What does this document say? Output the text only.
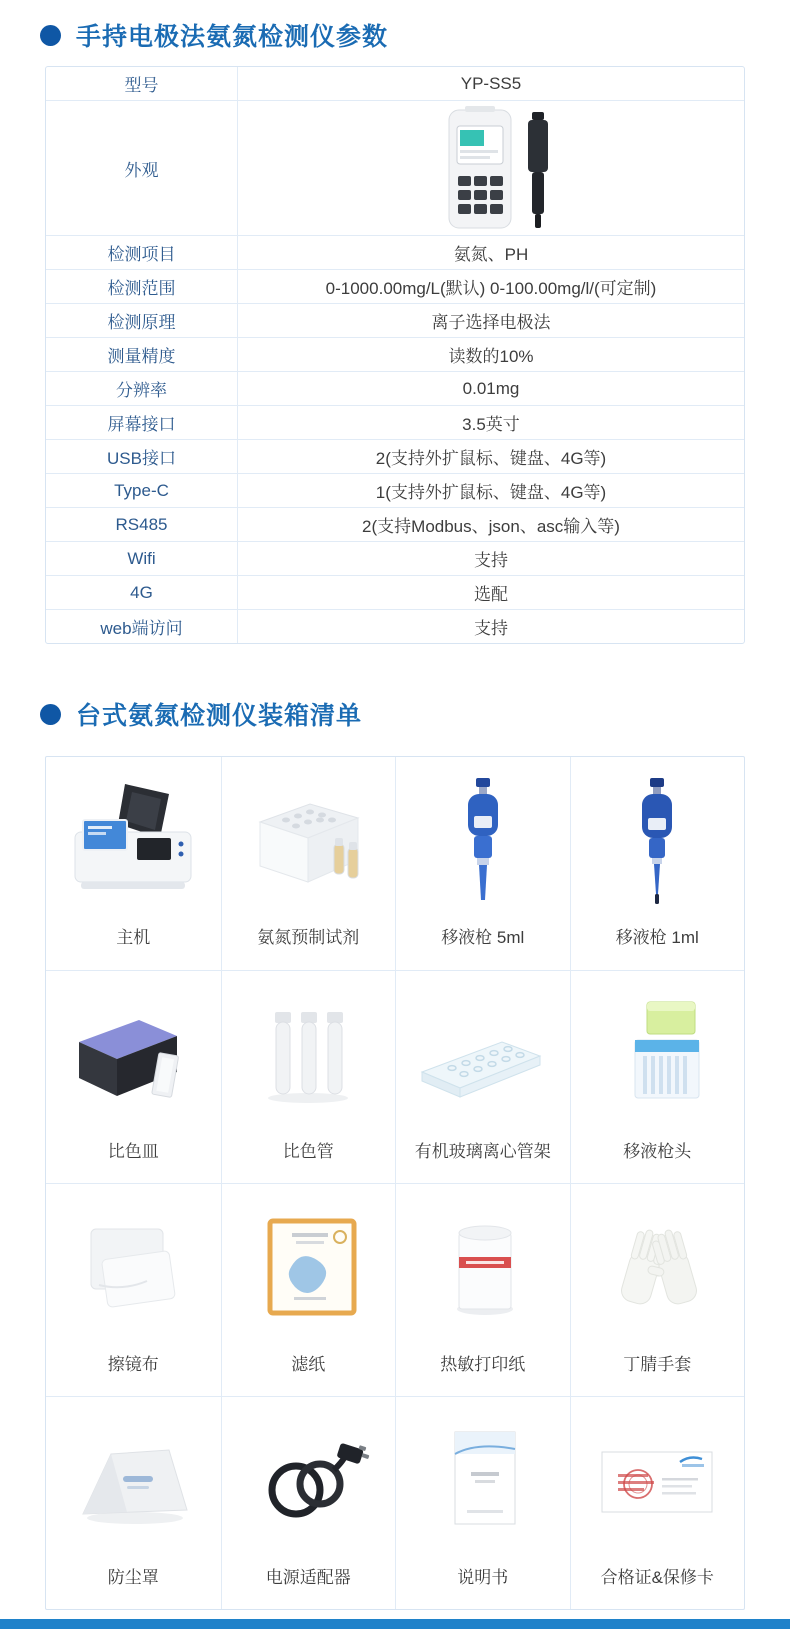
手持电极法氨氮检测仪参数
型号	YP-SS5
外观
检测项目	氨氮、PH
检测范围	0-1000.00mg/L(默认) 0-100.00mg/l/(可定制)
检测原理	离子选择电极法
测量精度	读数的10%
分辨率	0.01mg
屏幕接口	3.5英寸
USB接口	2(支持外扩鼠标、键盘、4G等)
Type-C	1(支持外扩鼠标、键盘、4G等)
RS485	2(支持Modbus、json、asc输入等)
Wifi	支持
4G	选配
web端访问	支持
台式氨氮检测仪装箱清单
主机	氨氮预制试剂	移液枪 5ml	移液枪 1ml
比色皿	比色管	有机玻璃离心管架	移液枪头
擦镜布	滤纸	热敏打印纸	丁腈手套
防尘罩	电源适配器	说明书	合格证&保修卡
